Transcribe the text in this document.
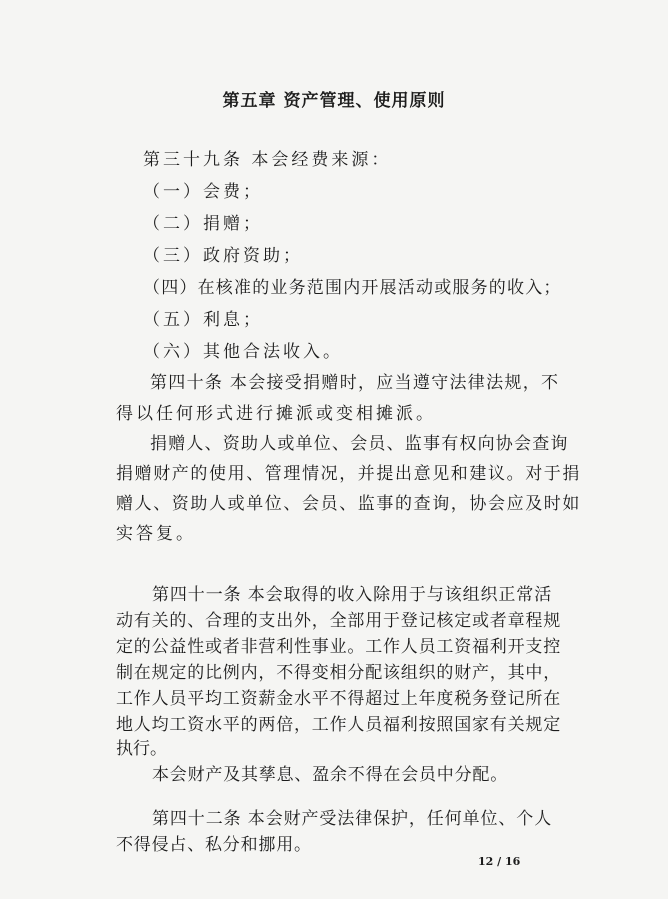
第五章 资产管理、使用原则
第三十九条 本会经费来源：
（一）会费；
（二）捐赠；
（三）政府资助；
（四）在核准的业务范围内开展活动或服务的收入；
（五）利息；
（六）其他合法收入。
第四十条 本会接受捐赠时，应当遵守法律法规，不
得以任何形式进行摊派或变相摊派。
捐赠人、资助人或单位、会员、监事有权向协会查询
捐赠财产的使用、管理情况，并提出意见和建议。对于捐
赠人、资助人或单位、会员、监事的查询，协会应及时如
实答复。
第四十一条 本会取得的收入除用于与该组织正常活
动有关的、合理的支出外，全部用于登记核定或者章程规
定的公益性或者非营利性事业。工作人员工资福利开支控
制在规定的比例内，不得变相分配该组织的财产，其中，
工作人员平均工资薪金水平不得超过上年度税务登记所在
地人均工资水平的两倍，工作人员福利按照国家有关规定
执行。
本会财产及其孳息、盈余不得在会员中分配。
第四十二条 本会财产受法律保护，任何单位、个人
不得侵占、私分和挪用。
12 / 16
